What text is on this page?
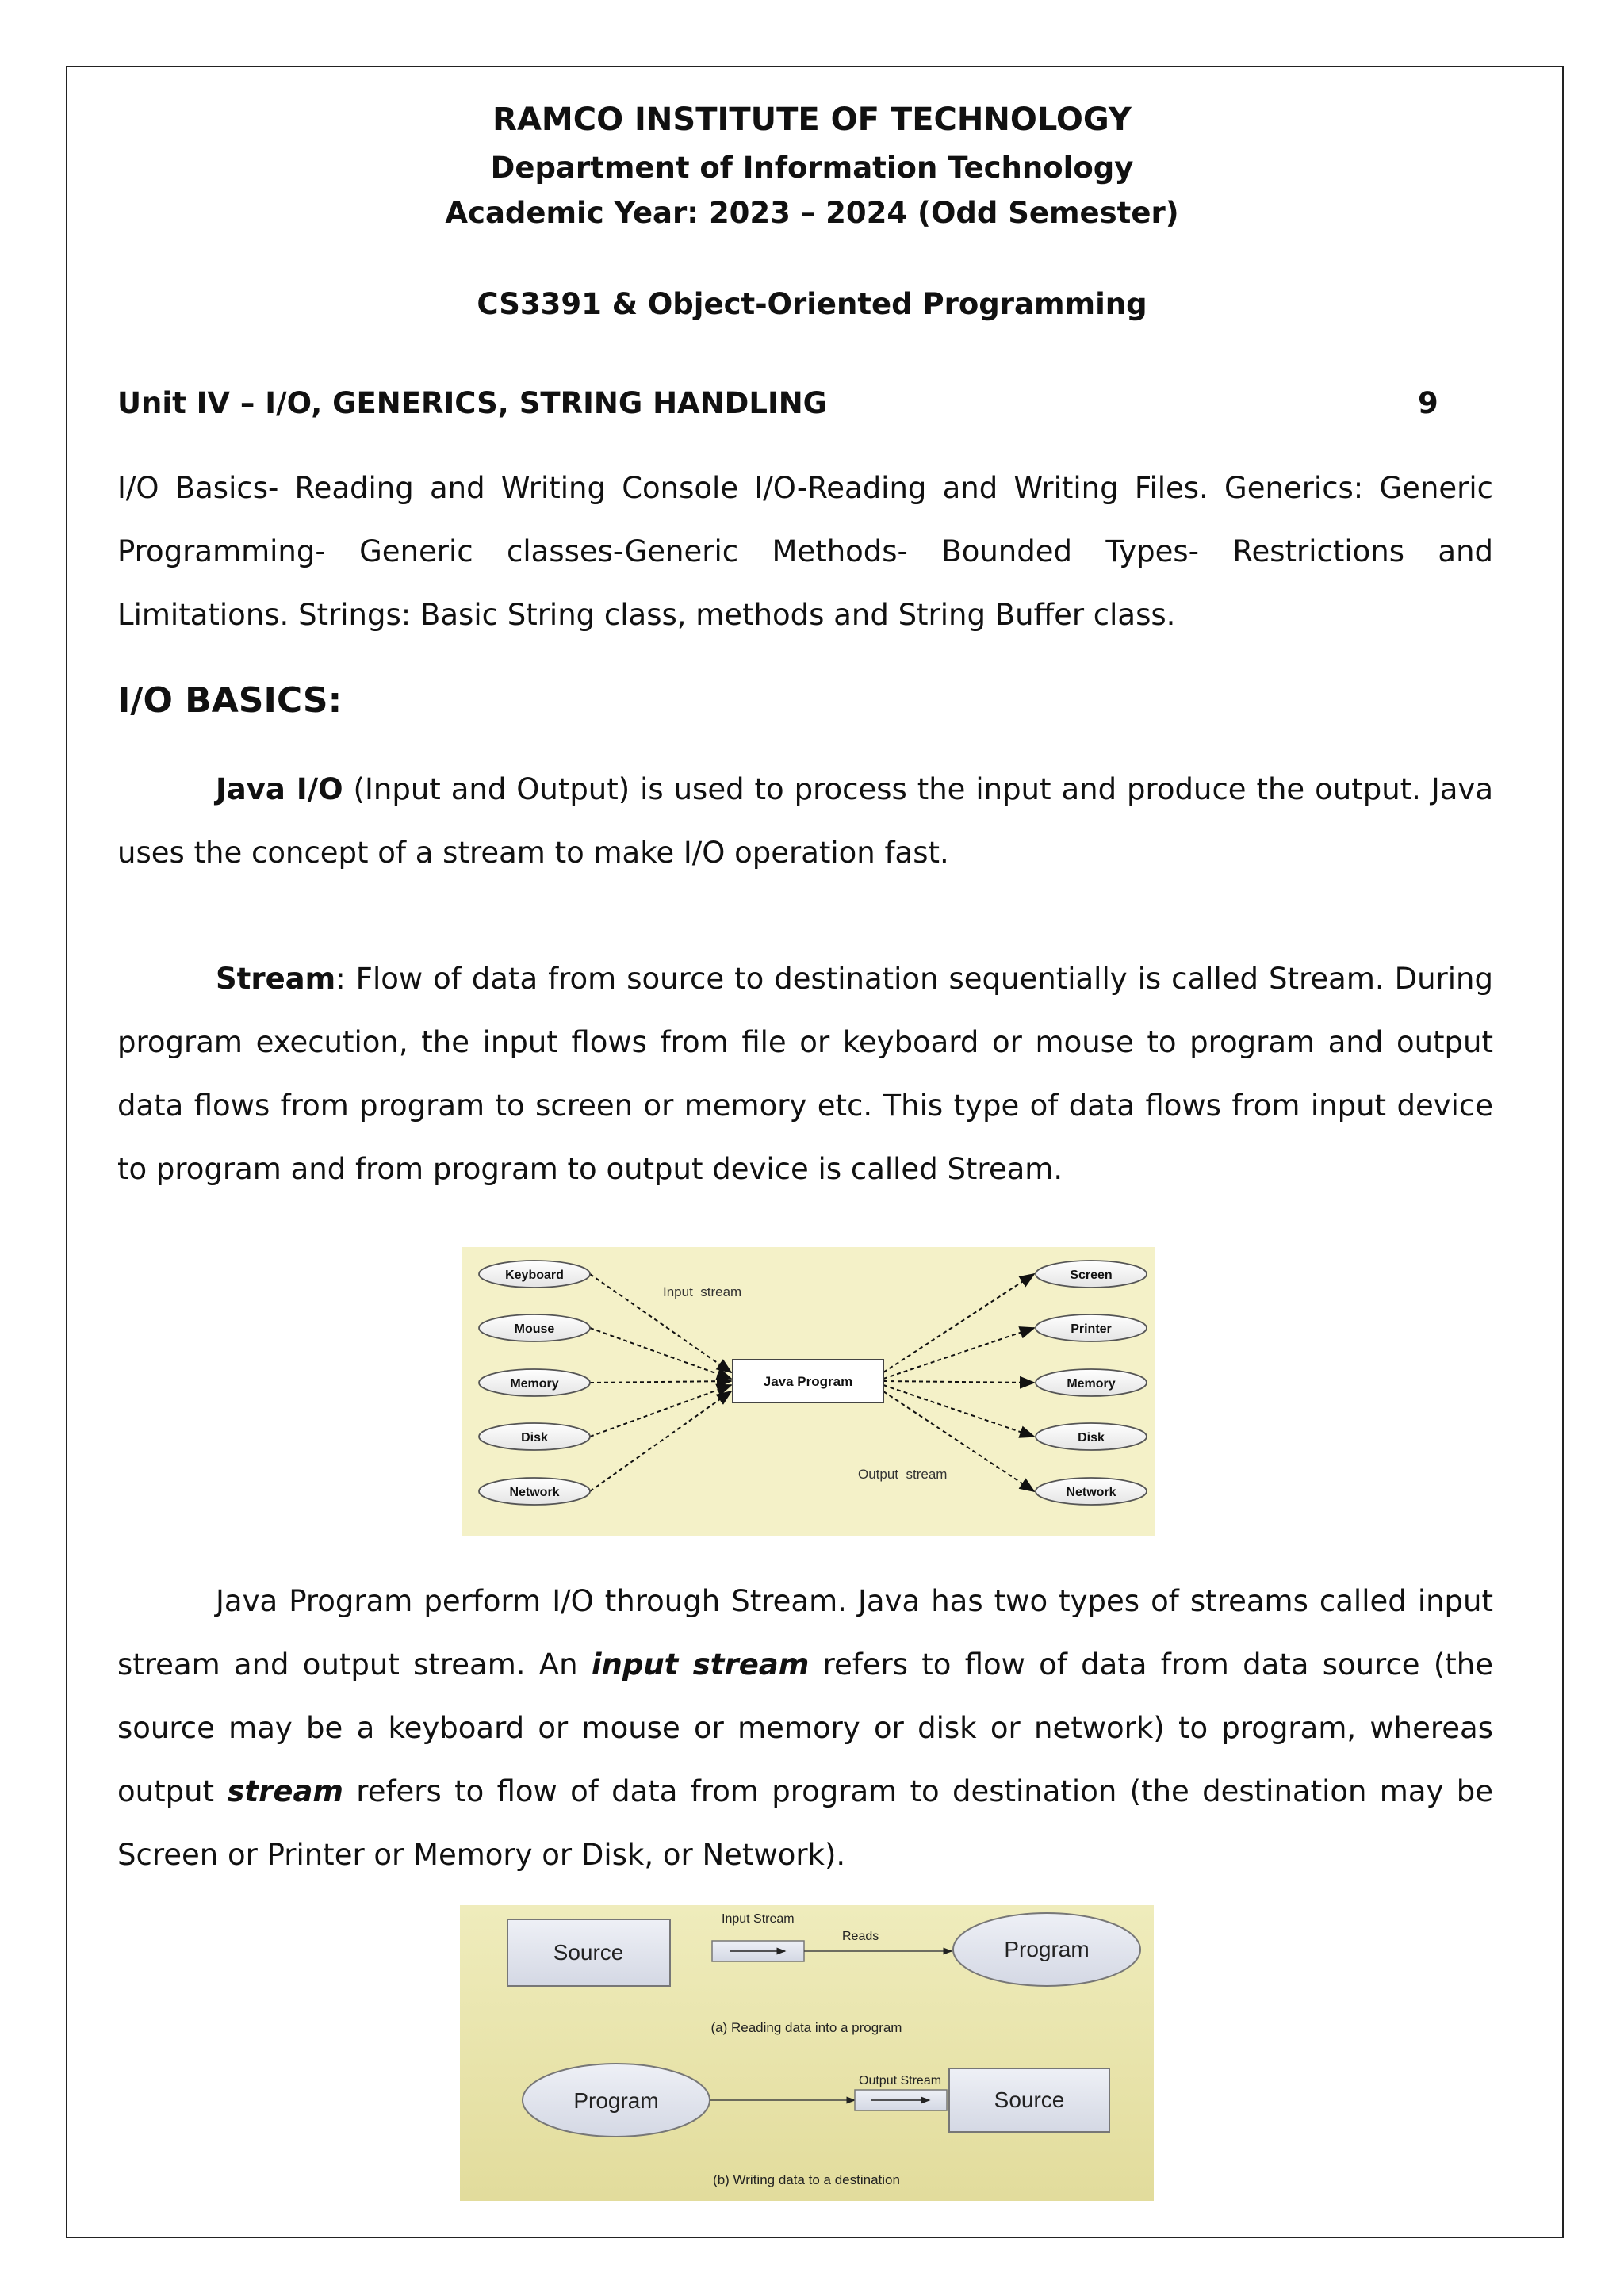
RAMCO INSTITUTE OF TECHNOLOGY
Department of Information Technology
Academic Year: 2023 – 2024 (Odd Semester)
CS3391 & Object-Oriented Programming
Unit IV – I/O, GENERICS, STRING HANDLING	9
I/O Basics- Reading and Writing Console I/O-Reading and Writing Files. Generics: Generic Programming- Generic classes-Generic Methods- Bounded Types- Restrictions and Limitations. Strings: Basic String class, methods and String Buffer class.
I/O BASICS:
Java I/O (Input and Output) is used to process the input and produce the output. Java uses the concept of a stream to make I/O operation fast.
Stream: Flow of data from source to destination sequentially is called Stream. During program execution, the input flows from file or keyboard or mouse to program and output data flows from program to screen or memory etc. This type of data flows from input device to program and from program to output device is called Stream.
Keyboard
Mouse
Memory
Disk
Network
Screen
Printer
Memory
Disk
Network
Java Program
Input  stream
Output  stream
Java Program perform I/O through Stream. Java has two types of streams called input stream and output stream. An input stream refers to flow of data from data source (the source may be a keyboard or mouse or memory or disk or network) to program, whereas output stream refers to flow of data from program to destination (the destination may be Screen or Printer or Memory or Disk, or Network).
Source
Input Stream
Reads
Program
(a) Reading data into a program
Program
Output Stream
Source
(b) Writing data to a destination
